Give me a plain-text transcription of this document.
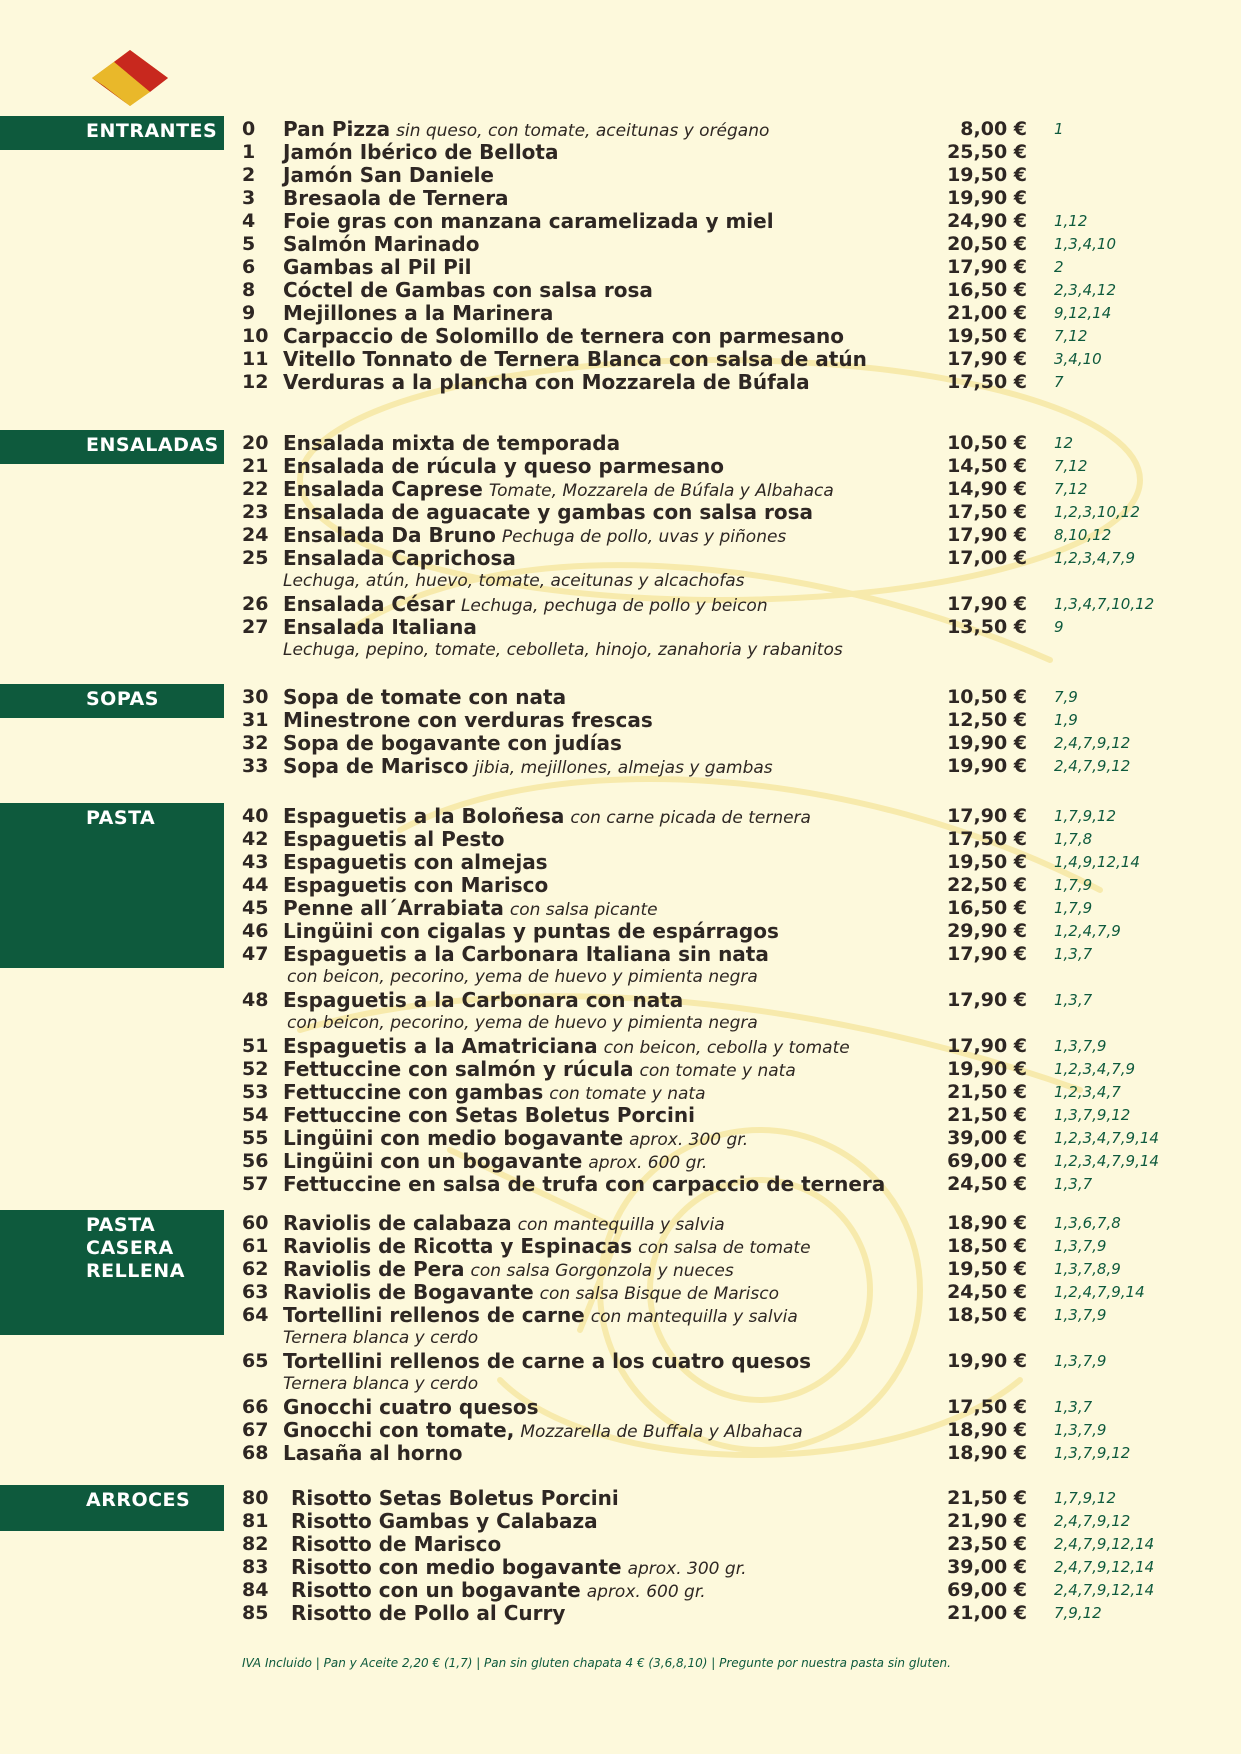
ENTRANTES	0 Pan Pizza sin queso, con tomate, aceitunas y orégano	8,00 € 1
1 Jamón Ibérico de Bellota	25,50 €
2 Jamón San Daniele	19,50 €
3 Bresaola de Ternera	19,90 €
4 Foie gras con manzana caramelizada y miel	24,90 € 1,12
5 Salmón Marinado	20,50 € 1,3,4,10
6 Gambas al Pil Pil	17,90 € 2
8 Cóctel de Gambas con salsa rosa	16,50 € 2,3,4,12
9 Mejillones a la Marinera	21,00 € 9,12,14
10 Carpaccio de Solomillo de ternera con parmesano	19,50 € 7,12
11 Vitello Tonnato de Ternera Blanca con salsa de atún	17,90 € 3,4,10
12 Verduras a la plancha con Mozzarela de Búfala	17,50 € 7
ENSALADAS 20 Ensalada mixta de temporada	10,50 € 12
21 Ensalada de rúcula y queso parmesano	14,50 € 7,12
22 Ensalada Caprese Tomate, Mozzarela de Búfala y Albahaca	14,90 € 7,12
23 Ensalada de aguacate y gambas con salsa rosa	17,50 € 1,2,3,10,12
24 Ensalada Da Bruno Pechuga de pollo, uvas y piñones	17,90 € 8,10,12
25 Ensalada Caprichosa	17,00 € 1,2,3,4,7,9
Lechuga, atún, huevo, tomate, aceitunas y alcachofas
26 Ensalada César Lechuga, pechuga de pollo y beicon	17,90 € 1,3,4,7,10,12
27 Ensalada Italiana	13,50 € 9
Lechuga, pepino, tomate, cebolleta, hinojo, zanahoria y rabanitos
SOPAS	30 Sopa de tomate con nata	10,50 € 7,9
31 Minestrone con verduras frescas	12,50 € 1,9
32 Sopa de bogavante con judías	19,90 € 2,4,7,9,12
33 Sopa de Marisco jibia, mejillones, almejas y gambas	19,90 € 2,4,7,9,12
PASTA	40 Espaguetis a la Boloñesa con carne picada de ternera	17,90 € 1,7,9,12
42 Espaguetis al Pesto	17,50 € 1,7,8
43 Espaguetis con almejas	19,50 € 1,4,9,12,14
44 Espaguetis con Marisco	22,50 € 1,7,9
45 Penne all´Arrabiata con salsa picante	16,50 € 1,7,9
46 Lingüini con cigalas y puntas de espárragos	29,90 € 1,2,4,7,9
47 Espaguetis a la Carbonara Italiana sin nata	17,90 € 1,3,7
con beicon, pecorino, yema de huevo y pimienta negra
48 Espaguetis a la Carbonara con nata	17,90 € 1,3,7
con beicon, pecorino, yema de huevo y pimienta negra
51 Espaguetis a la Amatriciana con beicon, cebolla y tomate	17,90 € 1,3,7,9
52 Fettuccine con salmón y rúcula con tomate y nata	19,90 € 1,2,3,4,7,9
53 Fettuccine con gambas con tomate y nata	21,50 € 1,2,3,4,7
54 Fettuccine con Setas Boletus Porcini	21,50 € 1,3,7,9,12
55 Lingüini con medio bogavante aprox. 300 gr.	39,00 € 1,2,3,4,7,9,14
56 Lingüini con un bogavante aprox. 600 gr.	69,00 € 1,2,3,4,7,9,14
57 Fettuccine en salsa de trufa con carpaccio de ternera	24,50 € 1,3,7
PASTA
CASERA
RELLENA
60 Raviolis de calabaza con mantequilla y salvia	18,90 € 1,3,6,7,8
61 Raviolis de Ricotta y Espinacas con salsa de tomate	18,50 € 1,3,7,9
62 Raviolis de Pera con salsa Gorgonzola y nueces	19,50 € 1,3,7,8,9
63 Raviolis de Bogavante con salsa Bisque de Marisco	24,50 € 1,2,4,7,9,14
64 Tortellini rellenos de carne con mantequilla y salvia	18,50 € 1,3,7,9
Ternera blanca y cerdo
65 Tortellini rellenos de carne a los cuatro quesos	19,90 € 1,3,7,9
Ternera blanca y cerdo
66 Gnocchi cuatro quesos	17,50 € 1,3,7
67 Gnocchi con tomate, Mozzarella de Buffala y Albahaca	18,90 € 1,3,7,9
68 Lasaña al horno	18,90 € 1,3,7,9,12
ARROCES	80 Risotto Setas Boletus Porcini	21,50 € 1,7,9,12
81 Risotto Gambas y Calabaza	21,90 € 2,4,7,9,12
82 Risotto de Marisco	23,50 € 2,4,7,9,12,14
83 Risotto con medio bogavante aprox. 300 gr.	39,00 € 2,4,7,9,12,14
84 Risotto con un bogavante aprox. 600 gr.	69,00 € 2,4,7,9,12,14
85 Risotto de Pollo al Curry	21,00 € 7,9,12
IVA Incluido | Pan y Aceite 2,20 € (1,7) | Pan sin gluten chapata 4 € (3,6,8,10) | Pregunte por nuestra pasta sin gluten.
